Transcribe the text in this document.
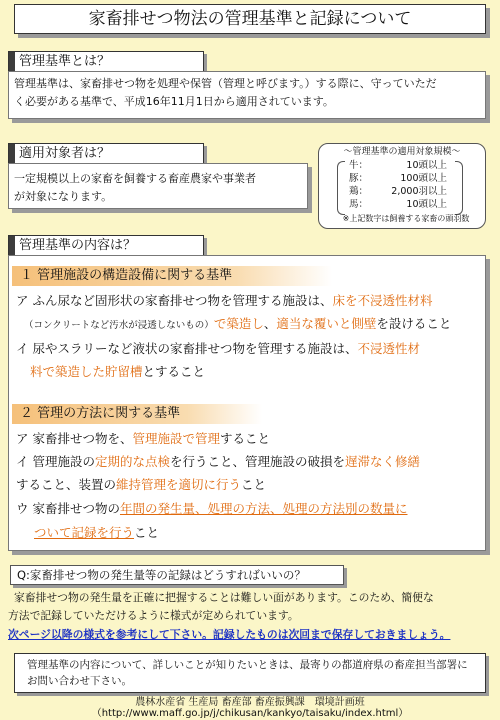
家畜排せつ物法の管理基準と記録について
管理基準とは？
管理基準は、家畜排せつ物を処理や保管（管理と呼びます。）する際に、守っていただ
く必要がある基準で、平成16年11月1日から適用されています。
適用対象者は？
一定規模以上の家畜を飼養する畜産農家や事業者
が対象になります。
～管理基準の適用対象規模～
牛：	10頭以上
豚：	100頭以上
鶏： 2,000羽以上
馬：	10頭以上
※上記数字は飼養する家畜の頭羽数
管理基準の内容は？
１ 管理施設の構造設備に関する基準
ア ふん尿など固形状の家畜排せつ物を管理する施設は、床を不浸透性材料
（コンクリートなど汚水が浸透しないもの）で築造し、適当な覆いと側壁を設けること
イ 尿やスラリーなど液状の家畜排せつ物を管理する施設は、不浸透性材
料で築造した貯留槽とすること
２ 管理の方法に関する基準
ア 家畜排せつ物を、管理施設で管理すること
イ 管理施設の定期的な点検を行うこと、管理施設の破損を遅滞なく修繕
すること、装置の維持管理を適切に行うこと
ウ 家畜排せつ物の年間の発生量、処理の方法、処理の方法別の数量に
ついて記録を行うこと
Q:家畜排せつ物の発生量等の記録はどうすればいいの？
家畜排せつ物の発生量を正確に把握することは難しい面があります。このため、簡便な
方法で記録していただけるように様式が定められています。
次ページ以降の様式を参考にして下さい。記録したものは次回まで保存しておきましょう。
管理基準の内容について、詳しいことが知りたいときは、最寄りの都道府県の畜産担当部署に
お問い合わせ下さい。
農林水産省 生産局 畜産部 畜産振興課　環境計画班
（http://www.maff.go.jp/j/chikusan/kankyo/taisaku/index.html）
